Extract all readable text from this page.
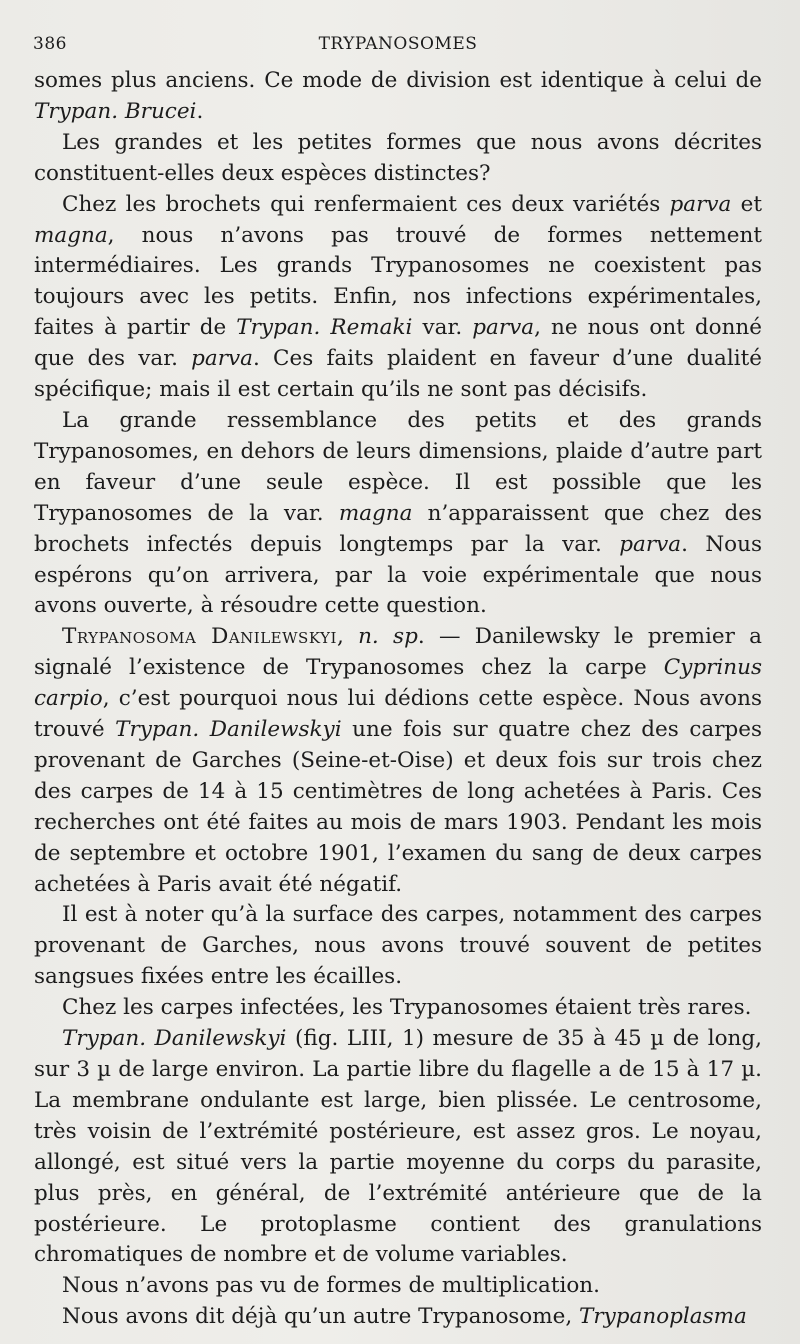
386	TRYPANOSOMES

somes plus anciens. Ce mode de division est identique à celui de Trypan. Brucei.

Les grandes et les petites formes que nous avons décrites constituent-elles deux espèces distinctes?

Chez les brochets qui renfermaient ces deux variétés parva et magna, nous n’avons pas trouvé de formes nettement intermédiaires. Les grands Trypanosomes ne coexistent pas toujours avec les petits. Enfin, nos infections expérimentales, faites à partir de Trypan. Remaki var. parva, ne nous ont donné que des var. parva. Ces faits plaident en faveur d’une dualité spécifique; mais il est certain qu’ils ne sont pas décisifs.

La grande ressemblance des petits et des grands Trypanosomes, en dehors de leurs dimensions, plaide d’autre part en faveur d’une seule espèce. Il est possible que les Trypanosomes de la var. magna n’apparaissent que chez des brochets infectés depuis longtemps par la var. parva. Nous espérons qu’on arrivera, par la voie expérimentale que nous avons ouverte, à résoudre cette question.

Trypanosoma Danilewskyi, n. sp. — Danilewsky le premier a signalé l’existence de Trypanosomes chez la carpe Cyprinus carpio, c’est pourquoi nous lui dédions cette espèce. Nous avons trouvé Trypan. Danilewskyi une fois sur quatre chez des carpes provenant de Garches (Seine-et-Oise) et deux fois sur trois chez des carpes de 14 à 15 centimètres de long achetées à Paris. Ces recherches ont été faites au mois de mars 1903. Pendant les mois de septembre et octobre 1901, l’examen du sang de deux carpes achetées à Paris avait été négatif.

Il est à noter qu’à la surface des carpes, notamment des carpes provenant de Garches, nous avons trouvé souvent de petites sangsues fixées entre les écailles.

Chez les carpes infectées, les Trypanosomes étaient très rares.

Trypan. Danilewskyi (fig. LIII, 1) mesure de 35 à 45 µ de long, sur 3 µ de large environ. La partie libre du flagelle a de 15 à 17 µ. La membrane ondulante est large, bien plissée. Le centrosome, très voisin de l’extrémité postérieure, est assez gros. Le noyau, allongé, est situé vers la partie moyenne du corps du parasite, plus près, en général, de l’extrémité antérieure que de la postérieure. Le protoplasme contient des granulations chromatiques de nombre et de volume variables.

Nous n’avons pas vu de formes de multiplication.

Nous avons dit déjà qu’un autre Trypanosome, Trypanoplasma
